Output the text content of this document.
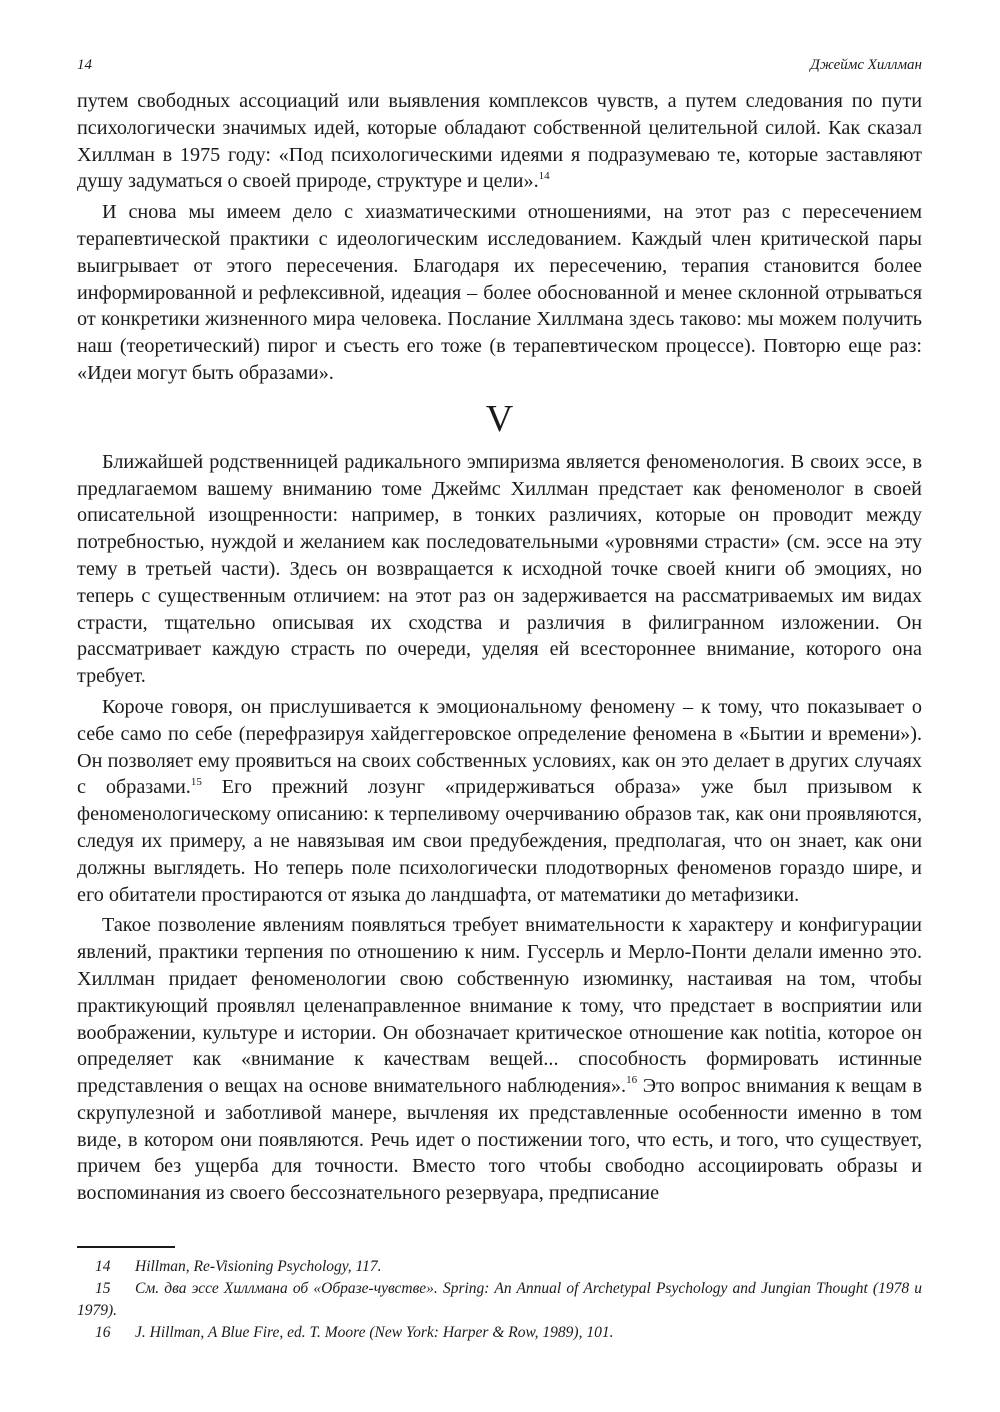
14	Джеймс Хиллман

путем свободных ассоциаций или выявления комплексов чувств, а путем следования по пути психологически значимых идей, которые обладают собственной целительной силой. Как сказал Хиллман в 1975 году: «Под психологическими идеями я подразумеваю те, которые заставляют душу задуматься о своей природе, структуре и цели».$^{14}$

И снова мы имеем дело с хиазматическими отношениями, на этот раз с пересечением терапевтической практики с идеологическим исследованием. Каждый член критической пары выигрывает от этого пересечения. Благодаря их пересечению, терапия становится более информированной и рефлексивной, идеация – более обоснованной и менее склонной отрываться от конкретики жизненного мира человека. Послание Хиллмана здесь таково: мы можем получить наш (теоретический) пирог и съесть его тоже (в терапевтическом процессе). Повторю еще раз: «Идеи могут быть образами».

V

Ближайшей родственницей радикального эмпиризма является феноменология. В своих эссе, в предлагаемом вашему вниманию томе Джеймс Хиллман предстает как феноменолог в своей описательной изощренности: например, в тонких различиях, которые он проводит между потребностью, нуждой и желанием как последовательными «уровнями страсти» (см. эссе на эту тему в третьей части). Здесь он возвращается к исходной точке своей книги об эмоциях, но теперь с существенным отличием: на этот раз он задерживается на рассматриваемых им видах страсти, тщательно описывая их сходства и различия в филигранном изложении. Он рассматривает каждую страсть по очереди, уделяя ей всестороннее внимание, которого она требует.

Короче говоря, он прислушивается к эмоциональному феномену – к тому, что показывает о себе само по себе (перефразируя хайдеггеровское определение феномена в «Бытии и времени»). Он позволяет ему проявиться на своих собственных условиях, как он это делает в других случаях с образами.$^{15}$ Его прежний лозунг «придерживаться образа» уже был призывом к феноменологическому описанию: к терпеливому очерчиванию образов так, как они проявляются, следуя их примеру, а не навязывая им свои предубеждения, предполагая, что он знает, как они должны выглядеть. Но теперь поле психологически плодотворных феноменов гораздо шире, и его обитатели простираются от языка до ландшафта, от математики до метафизики.

Такое позволение явлениям появляться требует внимательности к характеру и конфигурации явлений, практики терпения по отношению к ним. Гуссерль и Мерло-Понти делали именно это. Хиллман придает феноменологии свою собственную изюминку, настаивая на том, чтобы практикующий проявлял целенаправленное внимание к тому, что предстает в восприятии или воображении, культуре и истории. Он обозначает критическое отношение как notitia, которое он определяет как «внимание к качествам вещей... способность формировать истинные представления о вещах на основе внимательного наблюдения».$^{16}$ Это вопрос внимания к вещам в скрупулезной и заботливой манере, вычленяя их представленные особенности именно в том виде, в котором они появляются. Речь идет о постижении того, что есть, и того, что существует, причем без ущерба для точности. Вместо того чтобы свободно ассоциировать образы и воспоминания из своего бессознательного резервуара, предписание

14 Hillman, Re-Visioning Psychology, 117.
15 См. два эссе Хиллмана об «Образе-чувстве». Spring: An Annual of Archetypal Psychology and Jungian Thought (1978 и 1979).
16 J. Hillman, A Blue Fire, ed. T. Moore (New York: Harper & Row, 1989), 101.
